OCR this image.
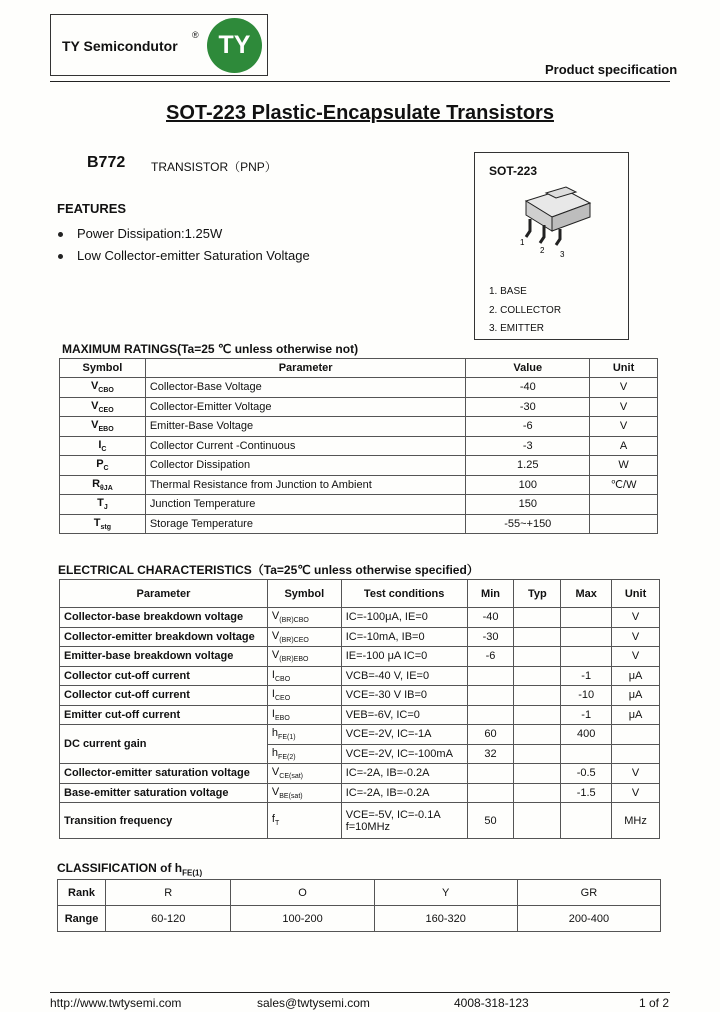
TY Semicondutor
® TY
Product specification
SOT-223 Plastic-Encapsulate Transistors
B772 TRANSISTOR（PNP）	SOT-223
1
2 3
1. BASE
2. COLLECTOR
3. EMITTER
FEATURES
Power Dissipation:1.25W
Low Collector-emitter Saturation Voltage
MAXIMUM RATINGS(Ta=25 ℃ unless otherwise not)
Symbol	Parameter	Value	Unit
$V_{CBO}$	Collector-Base Voltage	-40	V
$V_{CEO}$	Collector-Emitter Voltage	-30	V
$V_{EBO}$	Emitter-Base Voltage	-6	V
$I_C$	Collector Current -Continuous	-3	A
$P_C$	Collector Dissipation	1.25	W
$R_{\theta JA}$	Thermal Resistance from Junction to Ambient	100	℃/W
$T_J$	Junction Temperature	150	
$T_{stg}$	Storage Temperature	-55~+150	
ELECTRICAL CHARACTERISTICS（Ta=25℃ unless otherwise specified）
Parameter	Symbol	Test conditions	Min	Typ	Max	Unit
Collector-base breakdown voltage	$V_{(BR)CBO}$	IC=-100μA, IE=0	-40			V
Collector-emitter breakdown voltage	$V_{(BR)CEO}$	IC=-10mA, IB=0	-30			V
Emitter-base breakdown voltage	$V_{(BR)EBO}$	IE=-100 μA IC=0	-6			V
Collector cut-off current	$I_{CBO}$	VCB=-40 V, IE=0			-1	μA
Collector cut-off current	$I_{CEO}$	VCE=-30 V IB=0			-10	μA
Emitter cut-off current	$I_{EBO}$	VEB=-6V, IC=0			-1	μA
DC current gain	$h_{FE(1)}$	VCE=-2V, IC=-1A	60		400	
	$h_{FE(2)}$	VCE=-2V, IC=-100mA	32			
Collector-emitter saturation voltage	$V_{CE(sat)}$	IC=-2A, IB=-0.2A			-0.5	V
Base-emitter saturation voltage	$V_{BE(sat)}$	IC=-2A, IB=-0.2A			-1.5	V
Transition frequency	$f_T$	VCE=-5V, IC=-0.1A
f=10MHz	50			MHz
CLASSIFICATION of $h_{FE(1)}$
Rank	R	O	Y	GR
Range	60-120	100-200	160-320	200-400
http://www.twtysemi.com	sales@twtysemi.com	4008-318-123	1 of 2
